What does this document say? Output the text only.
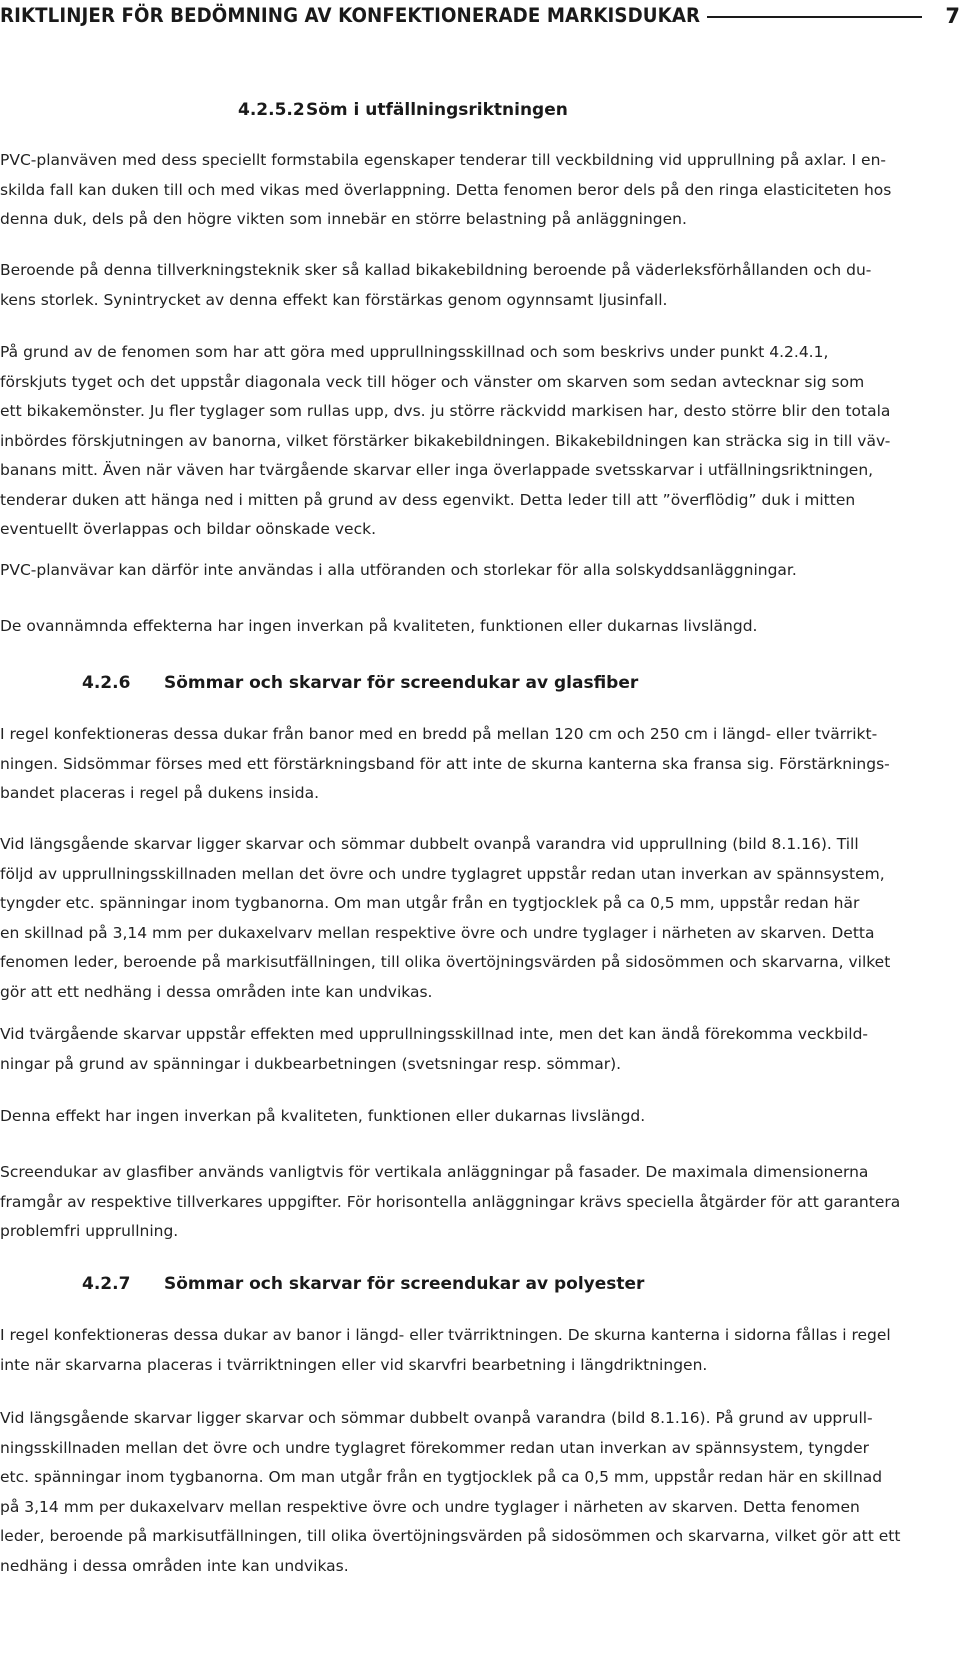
RIKTLINJER FÖR BEDÖMNING AV KONFEKTIONERADE MARKISDUKAR	7
4.2.5.2 Söm i utfällningsriktningen
PVC-planväven med dess speciellt formstabila egenskaper tenderar till veckbildning vid upprullning på axlar. I en-
skilda fall kan duken till och med vikas med överlappning. Detta fenomen beror dels på den ringa elasticiteten hos
denna duk, dels på den högre vikten som innebär en större belastning på anläggningen.
Beroende på denna tillverkningsteknik sker så kallad bikakebildning beroende på väderleksförhållanden och du-
kens storlek. Synintrycket av denna effekt kan förstärkas genom ogynnsamt ljusinfall.
På grund av de fenomen som har att göra med upprullningsskillnad och som beskrivs under punkt 4.2.4.1,
förskjuts tyget och det uppstår diagonala veck till höger och vänster om skarven som sedan avtecknar sig som
ett bikakemönster. Ju fler tyglager som rullas upp, dvs. ju större räckvidd markisen har, desto större blir den totala
inbördes förskjutningen av banorna, vilket förstärker bikakebildningen. Bikakebildningen kan sträcka sig in till väv-
banans mitt. Även när väven har tvärgående skarvar eller inga överlappade svetsskarvar i utfällningsriktningen,
tenderar duken att hänga ned i mitten på grund av dess egenvikt. Detta leder till att ”överflödig” duk i mitten
eventuellt överlappas och bildar oönskade veck.
PVC-planvävar kan därför inte användas i alla utföranden och storlekar för alla solskyddsanläggningar.
De ovannämnda effekterna har ingen inverkan på kvaliteten, funktionen eller dukarnas livslängd.
4.2.6 Sömmar och skarvar för screendukar av glasfiber
I regel konfektioneras dessa dukar från banor med en bredd på mellan 120 cm och 250 cm i längd- eller tvärrikt-
ningen. Sidsömmar förses med ett förstärkningsband för att inte de skurna kanterna ska fransa sig. Förstärknings-
bandet placeras i regel på dukens insida.
Vid längsgående skarvar ligger skarvar och sömmar dubbelt ovanpå varandra vid upprullning (bild 8.1.16). Till
följd av upprullningsskillnaden mellan det övre och undre tyglagret uppstår redan utan inverkan av spännsystem,
tyngder etc. spänningar inom tygbanorna. Om man utgår från en tygtjocklek på ca 0,5 mm, uppstår redan här
en skillnad på 3,14 mm per dukaxelvarv mellan respektive övre och undre tyglager i närheten av skarven. Detta
fenomen leder, beroende på markisutfällningen, till olika övertöjningsvärden på sidosömmen och skarvarna, vilket
gör att ett nedhäng i dessa områden inte kan undvikas.
Vid tvärgående skarvar uppstår effekten med upprullningsskillnad inte, men det kan ändå förekomma veckbild-
ningar på grund av spänningar i dukbearbetningen (svetsningar resp. sömmar).
Denna effekt har ingen inverkan på kvaliteten, funktionen eller dukarnas livslängd.
Screendukar av glasfiber används vanligtvis för vertikala anläggningar på fasader. De maximala dimensionerna
framgår av respektive tillverkares uppgifter. För horisontella anläggningar krävs speciella åtgärder för att garantera
problemfri upprullning.
4.2.7 Sömmar och skarvar för screendukar av polyester
I regel konfektioneras dessa dukar av banor i längd- eller tvärriktningen. De skurna kanterna i sidorna fållas i regel
inte när skarvarna placeras i tvärriktningen eller vid skarvfri bearbetning i längdriktningen.
Vid längsgående skarvar ligger skarvar och sömmar dubbelt ovanpå varandra (bild 8.1.16). På grund av upprull-
ningsskillnaden mellan det övre och undre tyglagret förekommer redan utan inverkan av spännsystem, tyngder
etc. spänningar inom tygbanorna. Om man utgår från en tygtjocklek på ca 0,5 mm, uppstår redan här en skillnad
på 3,14 mm per dukaxelvarv mellan respektive övre och undre tyglager i närheten av skarven. Detta fenomen
leder, beroende på markisutfällningen, till olika övertöjningsvärden på sidosömmen och skarvarna, vilket gör att ett
nedhäng i dessa områden inte kan undvikas.
